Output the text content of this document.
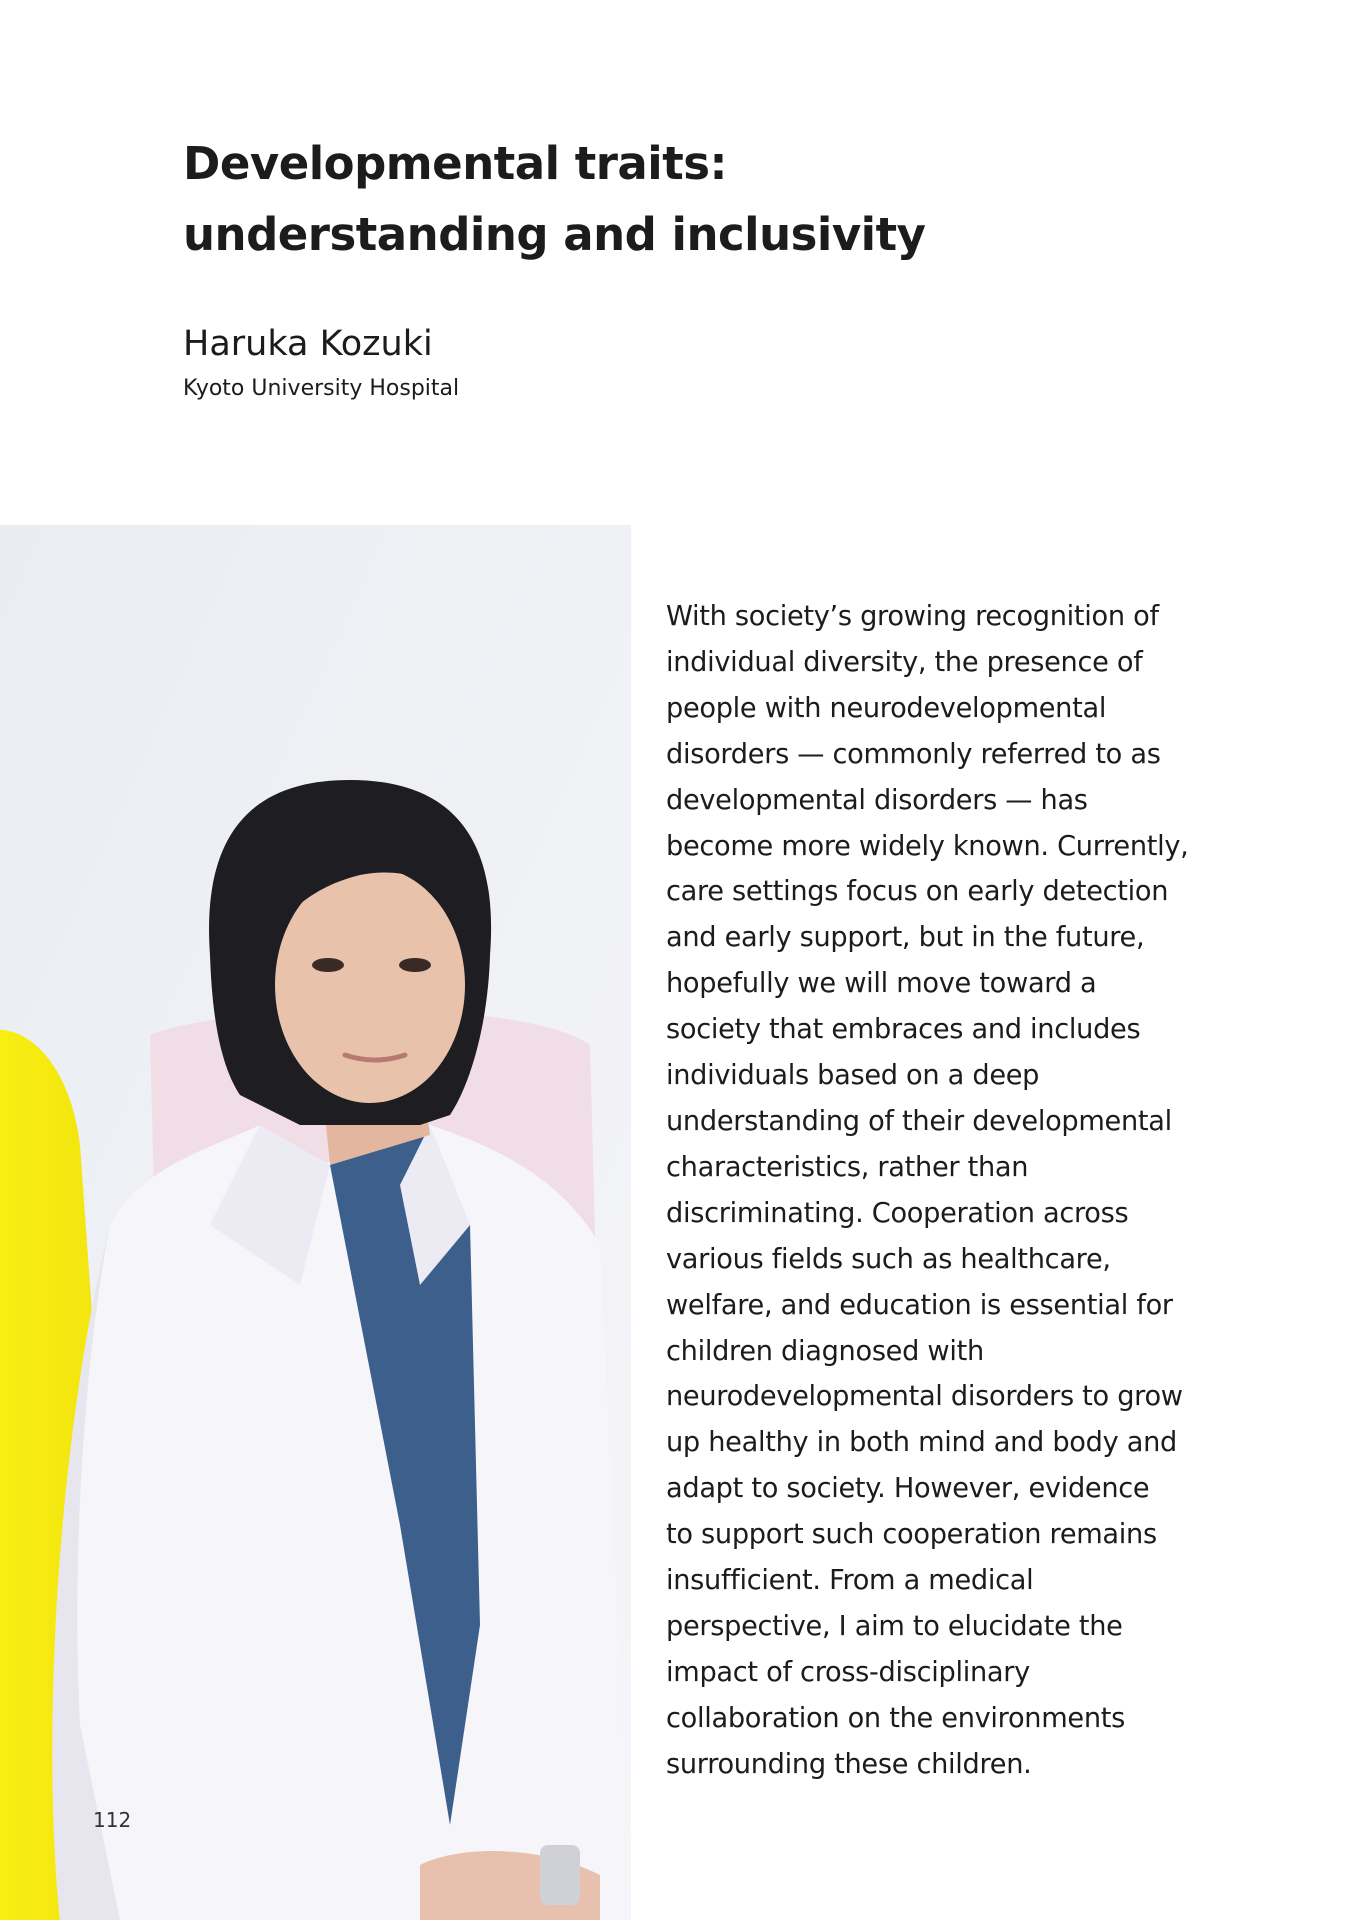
Developmental traits:
understanding and inclusivity

Haruka Kozuki

Kyoto University Hospital

With society’s growing recognition of
individual diversity, the presence of
people with neurodevelopmental
disorders — commonly referred to as
developmental disorders — has
become more widely known. Currently,
care settings focus on early detection
and early support, but in the future,
hopefully we will move toward a
society that embraces and includes
individuals based on a deep
understanding of their developmental
characteristics, rather than
discriminating. Cooperation across
various fields such as healthcare,
welfare, and education is essential for
children diagnosed with
neurodevelopmental disorders to grow
up healthy in both mind and body and
adapt to society. However, evidence
to support such cooperation remains
insufficient. From a medical
perspective, I aim to elucidate the
impact of cross-disciplinary
collaboration on the environments
surrounding these children.

112
